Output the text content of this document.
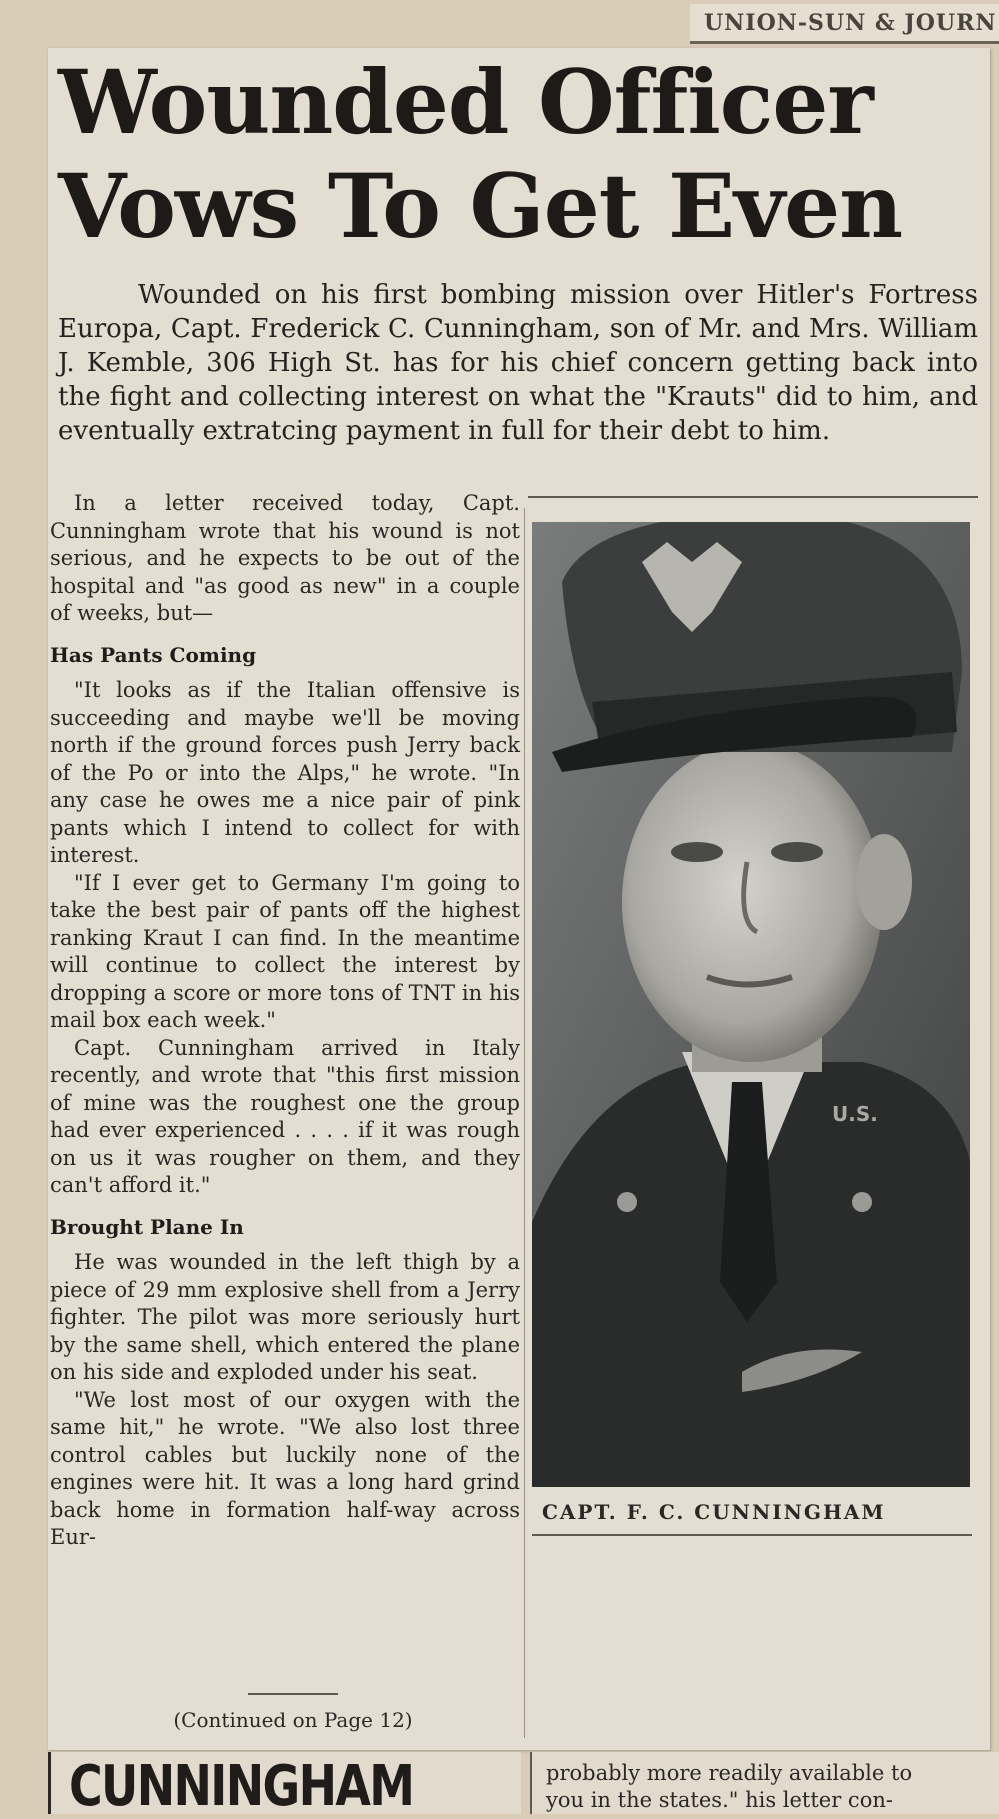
UNION-SUN & JOURN
Wounded Officer
Vows To Get Even

Wounded on his first bombing mission over Hitler's Fortress Europa, Capt. Frederick C. Cunningham, son of Mr. and Mrs. William J. Kemble, 306 High St. has for his chief concern getting back into the fight and collecting interest on what the "Krauts" did to him, and eventually extratcing payment in full for their debt to him.

In a letter received today, Capt. Cunningham wrote that his wound is not serious, and he expects to be out of the hospital and "as good as new" in a couple of weeks, but—

Has Pants Coming

"It looks as if the Italian offensive is succeeding and maybe we'll be moving north if the ground forces push Jerry back of the Po or into the Alps," he wrote. "In any case he owes me a nice pair of pink pants which I intend to collect for with interest.

"If I ever get to Germany I'm going to take the best pair of pants off the highest ranking Kraut I can find. In the meantime will continue to collect the interest by dropping a score or more tons of TNT in his mail box each week."

Capt. Cunningham arrived in Italy recently, and wrote that "this first mission of mine was the roughest one the group had ever experienced . . . . if it was rough on us it was rougher on them, and they can't afford it."

Brought Plane In

He was wounded in the left thigh by a piece of 29 mm explosive shell from a Jerry fighter. The pilot was more seriously hurt by the same shell, which entered the plane on his side and exploded under his seat.

"We lost most of our oxygen with the same hit," he wrote. "We also lost three control cables but luckily none of the engines were hit. It was a long hard grind back home in formation half-way across Eur-

(Continued on Page 12)
U.S.
CAPT. F. C. CUNNINGHAM
CUNNINGHAM	probably more readily available to
you in the states." his letter con-
